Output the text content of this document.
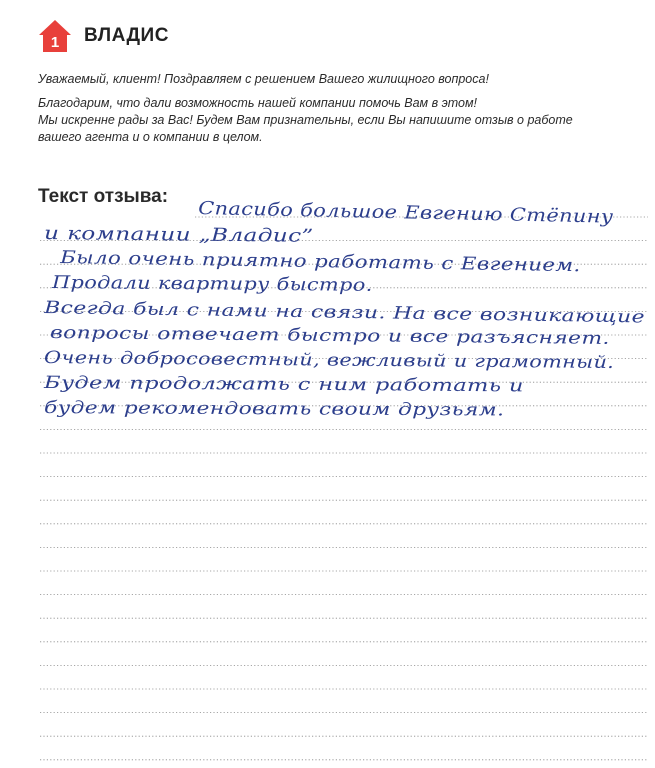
1 ВЛАДИС

Уважаемый, клиент! Поздравляем с решением Вашего жилищного вопроса!

Благодарим, что дали возможность нашей компании помочь Вам в этом!

Мы искренне рады за Вас! Будем Вам признательны, если Вы напишите отзыв о работе

вашего агента и о компании в целом.

Текст отзыва:
Спасибо большое Евгению Стёпину
и компании „Владис”
Было очень приятно работать с Евгением.
Продали квартиру быстро.
Всегда был с нами на связи. На все возникающие
вопросы отвечает быстро и все разъясняет.
Очень добросовестный, вежливый и грамотный.
Будем продолжать с ним работать и
будем рекомендовать своим друзьям.
